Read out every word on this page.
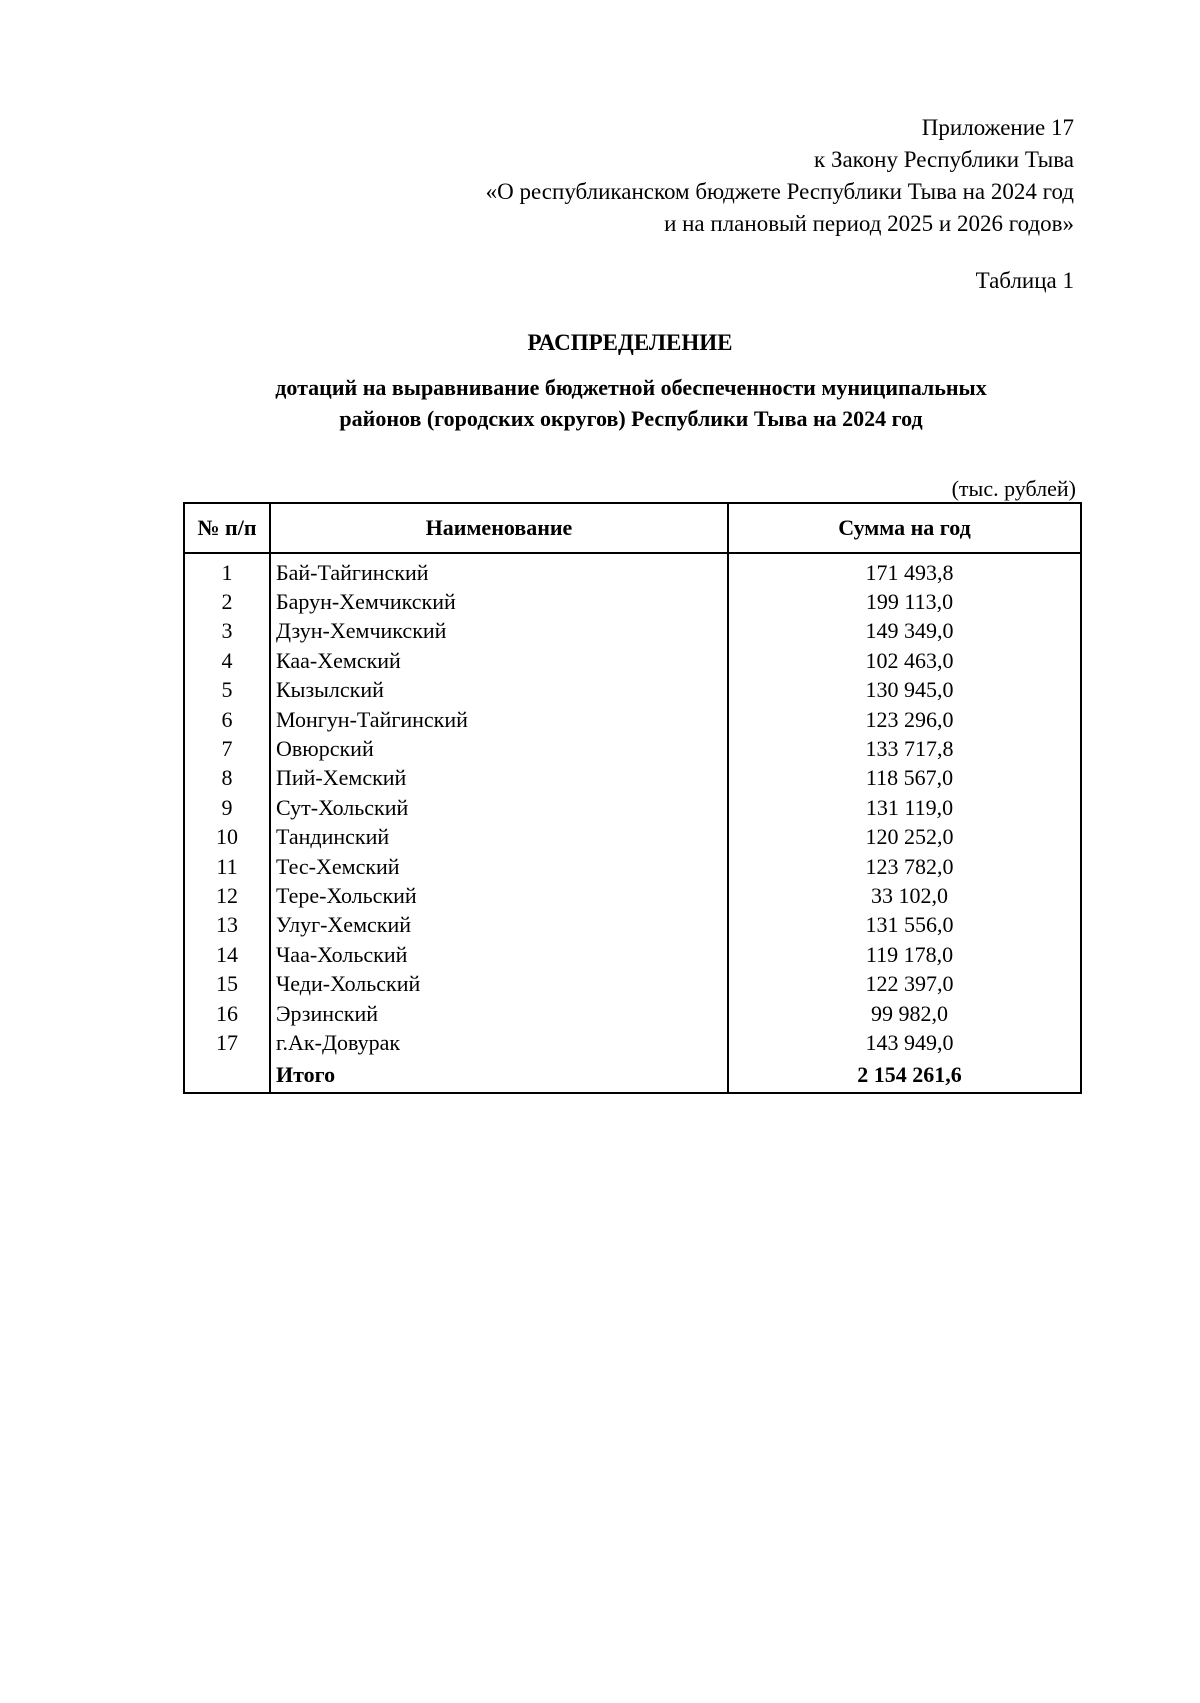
Приложение 17
к Закону Республики Тыва
«О республиканском бюджете Республики Тыва на 2024 год
и на плановый период 2025 и 2026 годов»
Таблица 1
РАСПРЕДЕЛЕНИЕ
дотаций на выравнивание бюджетной обеспеченности муниципальных
районов (городских округов) Республики Тыва на 2024 год
(тыс. рублей)
№ п/п	Наименование	Сумма на год
1	Бай-Тайгинский	171 493,8
2	Барун-Хемчикский	199 113,0
3	Дзун-Хемчикский	149 349,0
4	Каа-Хемский	102 463,0
5	Кызылский	130 945,0
6	Монгун-Тайгинский	123 296,0
7	Овюрский	133 717,8
8	Пий-Хемский	118 567,0
9	Сут-Хольский	131 119,0
10	Тандинский	120 252,0
11	Тес-Хемский	123 782,0
12	Тере-Хольский	33 102,0
13	Улуг-Хемский	131 556,0
14	Чаа-Хольский	119 178,0
15	Чеди-Хольский	122 397,0
16	Эрзинский	99 982,0
17	г.Ак-Довурак	143 949,0
	Итого	2 154 261,6
